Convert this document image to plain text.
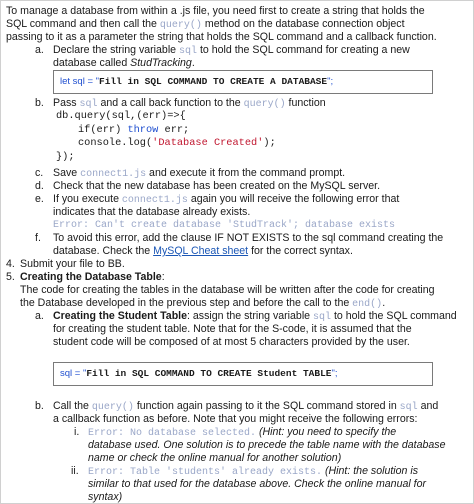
To manage a database from within a .js file, you need first to create a string that holds the
SQL command and then call the query() method on the database connection object
passing to it as a parameter the string that holds the SQL command and a callback function.
a. Declare the string variable sql to hold the SQL command for creating a new
database called StudTracking.
let sql = "Fill in SQL COMMAND TO CREATE A DATABASE";
b. Pass sql and a call back function to the query() function
db.query(sql,(err)=>{
if(err) throw err;
console.log('Database Created');
});
c. Save connect1.js and execute it from the command prompt.
d. Check that the new database has been created on the MySQL server.
e. If you execute connect1.js again you will receive the following error that
indicates that the database already exists.
Error: Can't create database 'StudTrack'; database exists
f. To avoid this error, add the clause IF NOT EXISTS to the sql command creating the
database. Check the MySQL Cheat sheet for the correct syntax.
4. Submit your file to BB.
5. Creating the Database Table:
The code for creating the tables in the database will be written after the code for creating
the Database developed in the previous step and before the call to the end().
a. Creating the Student Table: assign the string variable sql to hold the SQL command
for creating the student table. Note that for the S-code, it is assumed that the
student code will be composed of at most 5 characters provided by the user.
sql = "Fill in SQL COMMAND TO CREATE Student TABLE";
b. Call the query() function again passing to it the SQL command stored in sql and
a callback function as before. Note that you might receive the following errors:
i. Error: No database selected. (Hint: you need to specify the
database used. One solution is to precede the table name with the database
name or check the online manual for another solution)
ii. Error: Table 'students' already exists. (Hint: the solution is
similar to that used for the database above. Check the online manual for
syntax)
